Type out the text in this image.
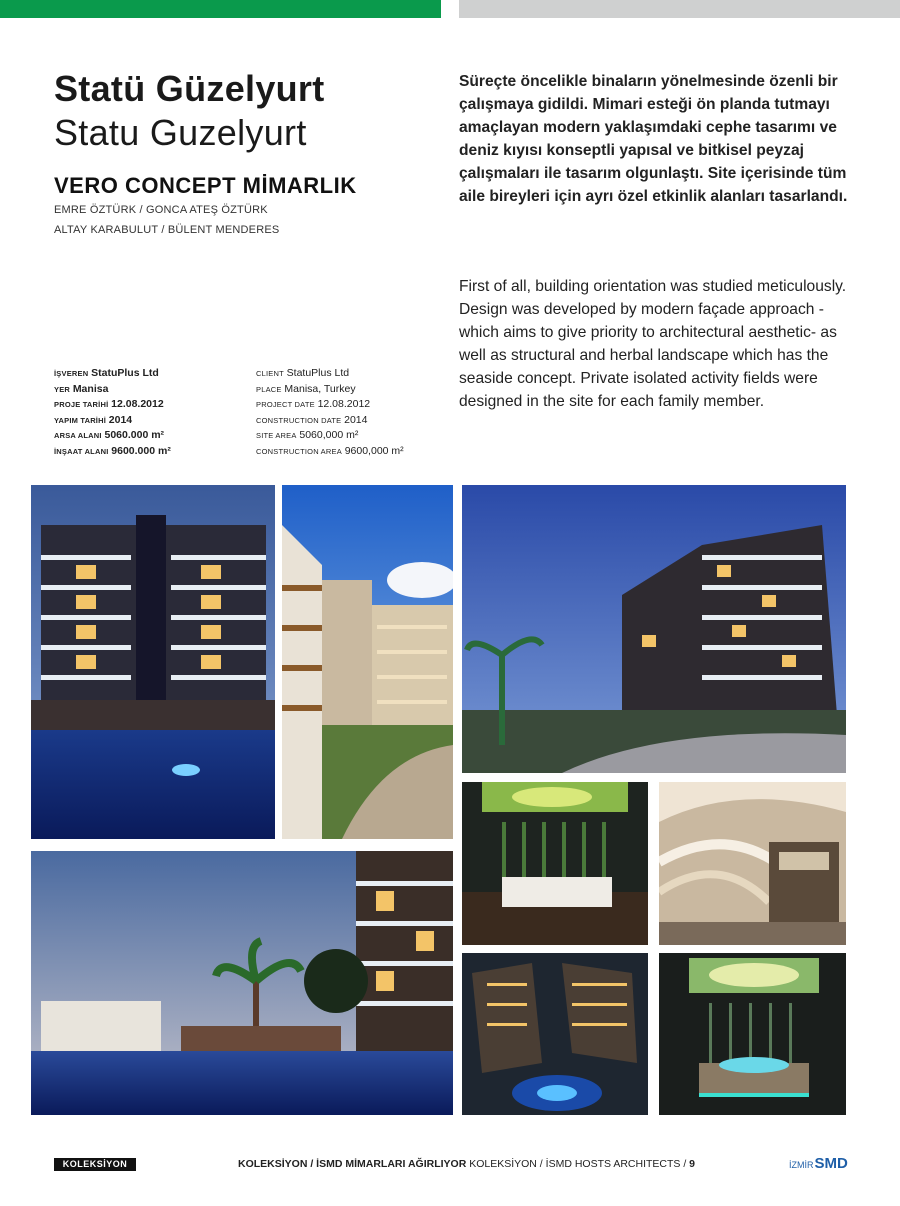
Statü Güzelyurt
Statu Guzelyurt
VERO CONCEPT MİMARLIK
EMRE ÖZTÜRK / GONCA ATEŞ ÖZTÜRK
ALTAY KARABULUT / BÜLENT MENDERES
İŞVEREN StatuPlus Ltd
YER Manisa
PROJE TARİHİ 12.08.2012
YAPIM TARİHİ 2014
ARSA ALANI 5060.000 m²
İNŞAAT ALANI 9600.000 m²
CLIENT StatuPlus Ltd
PLACE Manisa, Turkey
PROJECT DATE 12.08.2012
CONSTRUCTION DATE 2014
SITE AREA 5060,000 m²
CONSTRUCTION AREA 9600,000 m²
Süreçte öncelikle binaların yönelmesinde özenli bir çalışmaya gidildi. Mimari esteği ön planda tutmayı amaçlayan modern yaklaşımdaki cephe tasarımı ve deniz kıyısı konseptli yapısal ve bitkisel peyzaj çalışmaları ile tasarım olgunlaştı. Site içerisinde tüm aile bireyleri için ayrı özel etkinlik alanları tasarlandı.
First of all, building orientation was studied meticulously. Design was developed by modern façade approach -which aims to give priority to architectural aesthetic- as well as structural and herbal landscape which has the seaside concept. Private isolated activity fields were designed in the site for each family member.
KOLEKSİYON	KOLEKSİYON / İSMD MİMARLARI AĞIRLIYOR KOLEKSİYON / İSMD HOSTS ARCHITECTS / 9	İZMİRSMD
